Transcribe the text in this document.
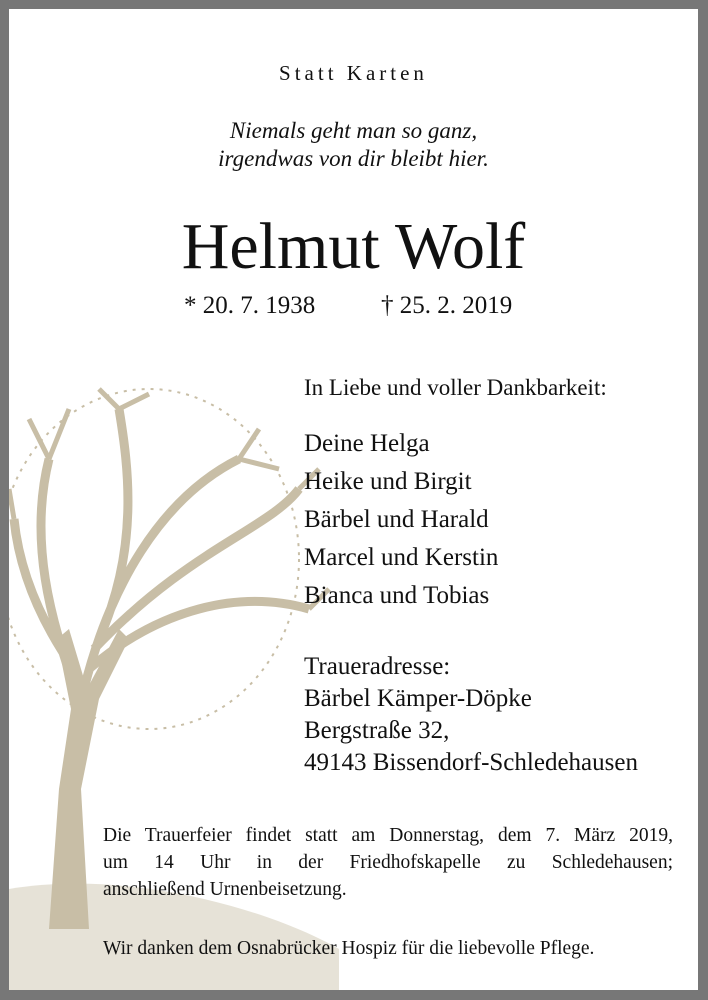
Statt Karten
Niemals geht man so ganz,
irgendwas von dir bleibt hier.
Helmut Wolf
* 20. 7. 1938	† 25. 2. 2019
In Liebe und voller Dankbarkeit:
Deine Helga
Heike und Birgit
Bärbel und Harald
Marcel und Kerstin
Bianca und Tobias
Traueradresse:
Bärbel Kämper-Döpke
Bergstraße 32,
49143 Bissendorf-Schledehausen
Die Trauerfeier findet statt am Donnerstag, dem 7. März 2019,
um 14 Uhr in der Friedhofskapelle zu Schledehausen;
anschließend Urnenbeisetzung.
Wir danken dem Osnabrücker Hospiz für die liebevolle Pflege.
